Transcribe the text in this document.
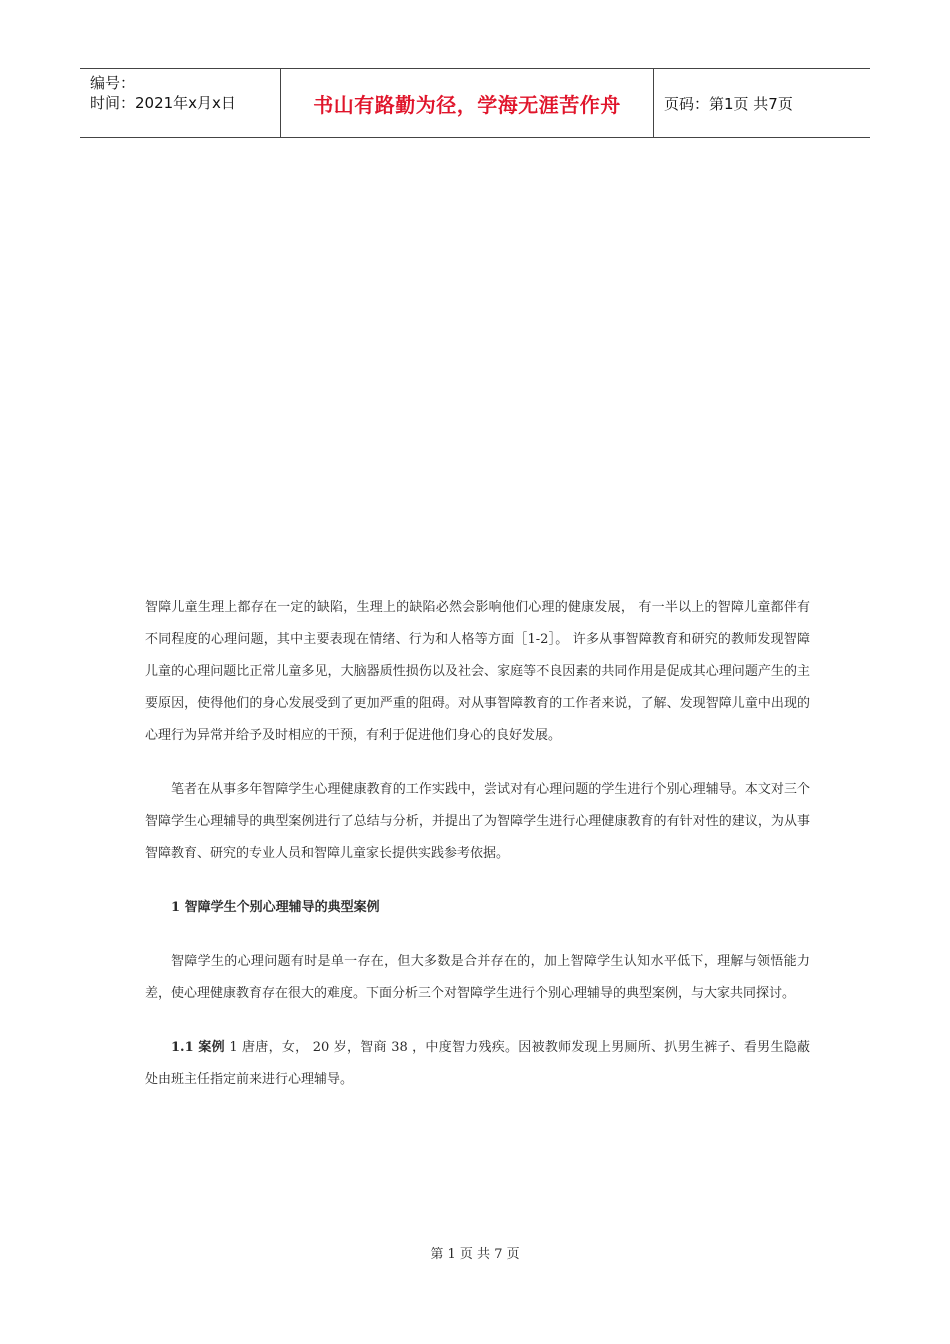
编号：
时间：2021年x月x日	书山有路勤为径，学海无涯苦作舟	页码：第1页 共7页

智障儿童生理上都存在一定的缺陷，生理上的缺陷必然会影响他们心理的健康发展， 有一半以上的智障儿童都伴有不同程度的心理问题，其中主要表现在情绪、行为和人格等方面［1-2］。 许多从事智障教育和研究的教师发现智障儿童的心理问题比正常儿童多见，大脑器质性损伤以及社会、家庭等不良因素的共同作用是促成其心理问题产生的主要原因，使得他们的身心发展受到了更加严重的阻碍。对从事智障教育的工作者来说，了解、发现智障儿童中出现的心理行为异常并给予及时相应的干预，有利于促进他们身心的良好发展。

笔者在从事多年智障学生心理健康教育的工作实践中，尝试对有心理问题的学生进行个别心理辅导。本文对三个智障学生心理辅导的典型案例进行了总结与分析，并提出了为智障学生进行心理健康教育的有针对性的建议，为从事智障教育、研究的专业人员和智障儿童家长提供实践参考依据。

1 智障学生个别心理辅导的典型案例

智障学生的心理问题有时是单一存在，但大多数是合并存在的，加上智障学生认知水平低下，理解与领悟能力差，使心理健康教育存在很大的难度。下面分析三个对智障学生进行个别心理辅导的典型案例，与大家共同探讨。

1.1 案例 1 唐唐，女， 20 岁，智商 38 ，中度智力残疾。因被教师发现上男厕所、扒男生裤子、看男生隐蔽处由班主任指定前来进行心理辅导。

第 1 页 共 7 页
